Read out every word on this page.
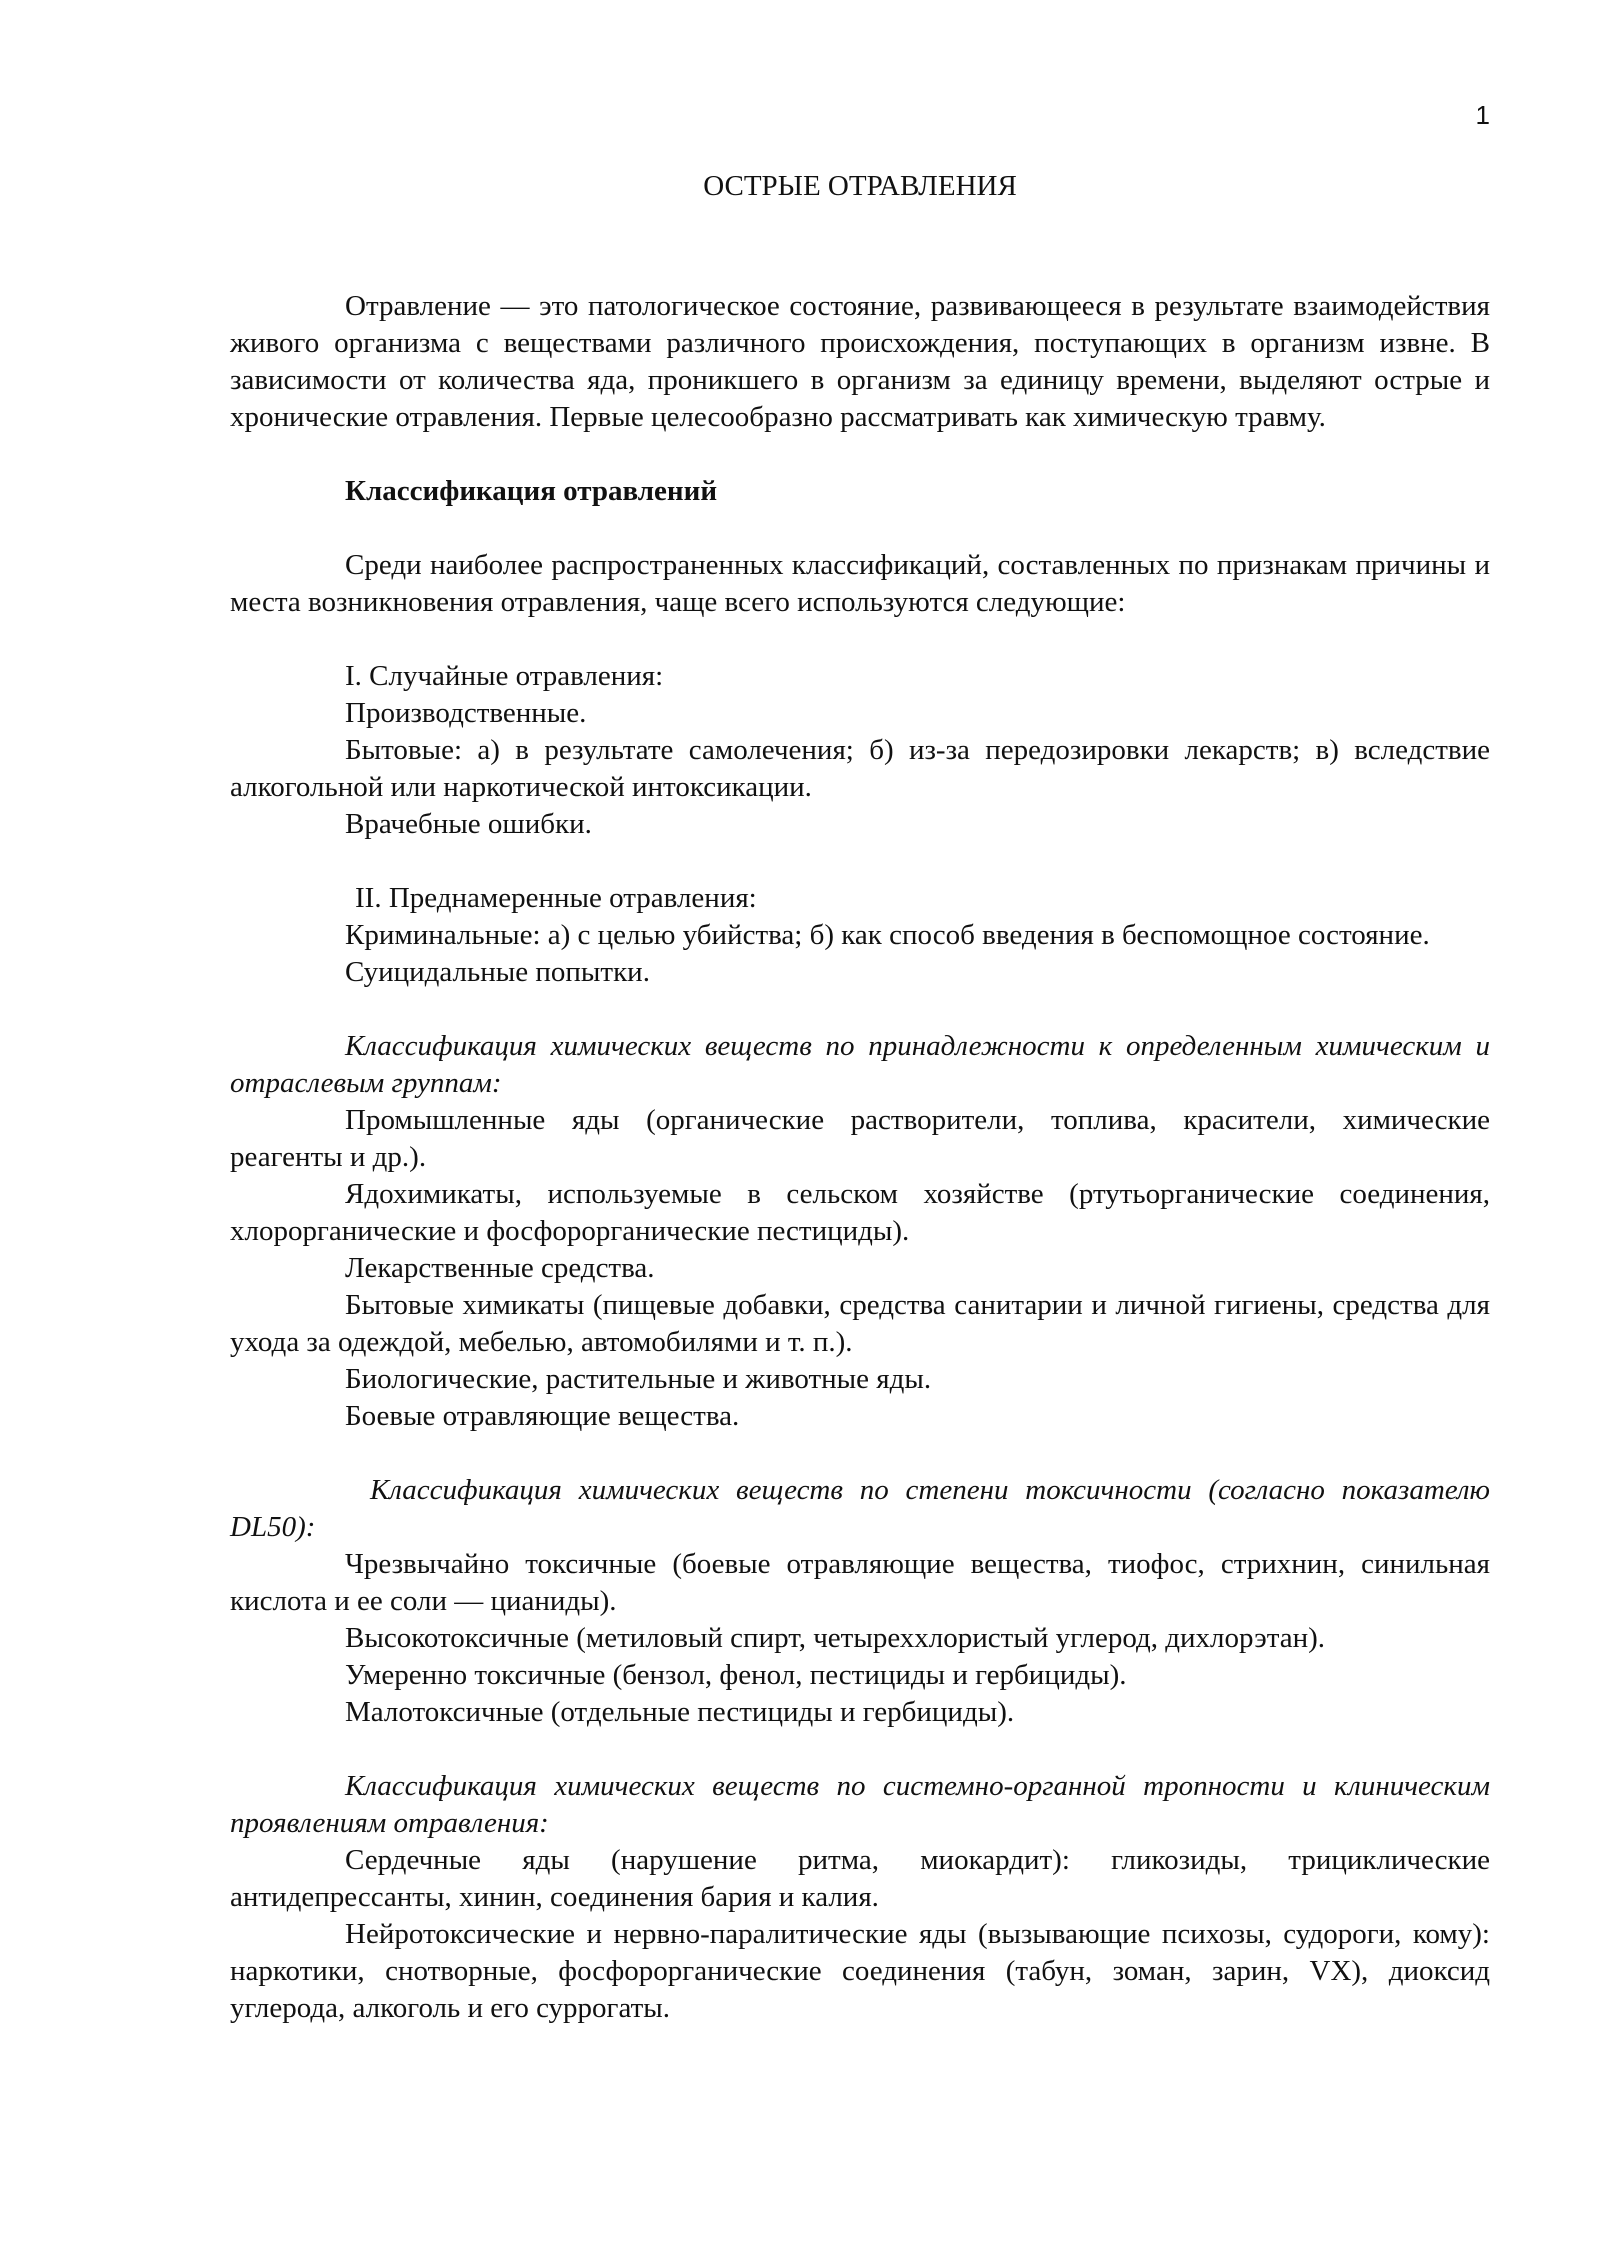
1
ОСТРЫЕ ОТРАВЛЕНИЯ

Отравление — это патологическое состояние, развивающееся в результате взаимодействия живого организма с веществами различного происхождения, поступающих в организм извне. В зависимости от количества яда, проникшего в организм за единицу времени, выделяют острые и хронические отравления. Первые целесообразно рассматривать как химическую травму.

Классификация отравлений

Среди наиболее распространенных классификаций, составленных по признакам причины и места возникновения отравления, чаще всего используются следующие:

I. Случайные отравления:

Производственные.

Бытовые: а) в результате самолечения; б) из-за передозировки лекарств; в) вследствие алкогольной или наркотической интоксикации.

Врачебные ошибки.

II. Преднамеренные отравления:

Криминальные: а) с целью убийства; б) как способ введения в беспомощное состояние.

Суицидальные попытки.

Классификация химических веществ по принадлежности к определенным химическим и отраслевым группам:

Промышленные яды (органические растворители, топлива, красители, химические реагенты и др.).

Ядохимикаты, используемые в сельском хозяйстве (ртутьорганические соединения, хлорорганические и фосфорорганические пестициды).

Лекарственные средства.

Бытовые химикаты (пищевые добавки, средства санитарии и личной гигиены, средства для ухода за одеждой, мебелью, автомобилями и т. п.).

Биологические, растительные и животные яды.

Боевые отравляющие вещества.

Классификация химических веществ по степени токсичности (согласно показателю DL50):

Чрезвычайно токсичные (боевые отравляющие вещества, тиофос, стрихнин, синильная кислота и ее соли — цианиды).

Высокотоксичные (метиловый спирт, четыреххлористый углерод, дихлорэтан).

Умеренно токсичные (бензол, фенол, пестициды и гербициды).

Малотоксичные (отдельные пестициды и гербициды).

Классификация химических веществ по системно-органной тропности и клиническим проявлениям отравления:

Сердечные яды (нарушение ритма, миокардит): гликозиды, трициклические антидепрессанты, хинин, соединения бария и калия.

Нейротоксические и нервно-паралитические яды (вызывающие психозы, судороги, кому): наркотики, снотворные, фосфорорганические соединения (табун, зоман, зарин, VX), диоксид углерода, алкоголь и его суррогаты.
